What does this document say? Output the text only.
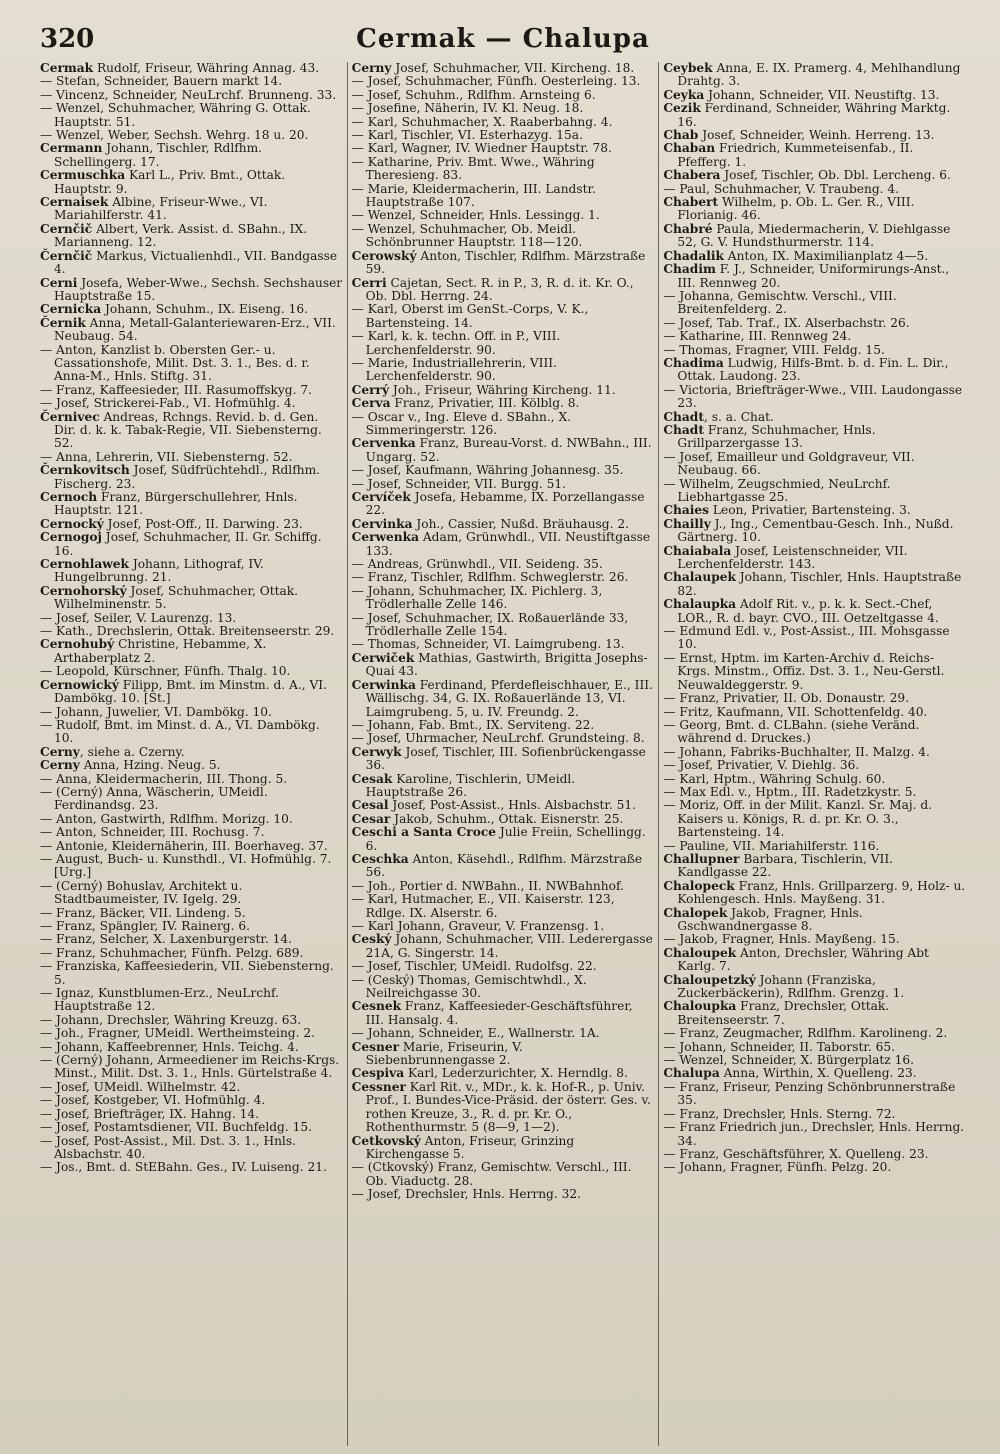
320	Cermak — Chalupa

Cermak Rudolf, Friseur, Währing Annag. 43.

— Stefan, Schneider, Bauern markt 14.

— Vincenz, Schneider, NeuLrchf. Brunneng. 33.

— Wenzel, Schuhmacher, Währing G. Ottak. Hauptstr. 51.

— Wenzel, Weber, Sechsh. Wehrg. 18 u. 20.

Cermann Johann, Tischler, Rdlfhm. Schellingerg. 17.

Cermuschka Karl L., Priv. Bmt., Ottak. Hauptstr. 9.

Cernaisek Albine, Friseur-Wwe., VI. Mariahilferstr. 41.

Cernčič Albert, Verk. Assist. d. SBahn., IX. Marianneng. 12.

Černčič Markus, Victualienhdl., VII. Bandgasse 4.

Cerni Josefa, Weber-Wwe., Sechsh. Sechshauser Hauptstraße 15.

Cernicka Johann, Schuhm., IX. Eiseng. 16.

Černik Anna, Metall-Galanteriewaren-Erz., VII. Neubaug. 54.

— Anton, Kanzlist b. Obersten Ger.- u. Cassationshofe, Milit. Dst. 3. 1., Bes. d. r. Anna-M., Hnls. Stiftg. 31.

— Franz, Kaffeesieder, III. Rasumoffskyg. 7.

— Josef, Strickerei-Fab., VI. Hofmühlg. 4.

Černivec Andreas, Rchngs. Revid. b. d. Gen. Dir. d. k. k. Tabak-Regie, VII. Siebensterng. 52.

— Anna, Lehrerin, VII. Siebensterng. 52.

Černkovitsch Josef, Südfrüchtehdl., Rdlfhm. Fischerg. 23.

Cernoch Franz, Bürgerschullehrer, Hnls. Hauptstr. 121.

Cernocký Josef, Post-Off., II. Darwing. 23.

Cernogoj Josef, Schuhmacher, II. Gr. Schiffg. 16.

Cernohlawek Johann, Lithograf, IV. Hungelbrunng. 21.

Cernohorský Josef, Schuhmacher, Ottak. Wilhelminenstr. 5.

— Josef, Seiler, V. Laurenzg. 13.

— Kath., Drechslerin, Ottak. Breitenseerstr. 29.

Cernohubý Christine, Hebamme, X. Arthaberplatz 2.

— Leopold, Kürschner, Fünfh. Thalg. 10.

Cernowický Filipp, Bmt. im Minstm. d. A., VI. Dambökg. 10. [St.]

— Johann, Juwelier, VI. Dambökg. 10.

— Rudolf, Bmt. im Minst. d. A., VI. Dambökg. 10.

Cerny, siehe a. Czerny.

Cerny Anna, Hzing. Neug. 5.

— Anna, Kleidermacherin, III. Thong. 5.

— (Cerný) Anna, Wäscherin, UMeidl. Ferdinandsg. 23.

— Anton, Gastwirth, Rdlfhm. Morizg. 10.

— Anton, Schneider, III. Rochusg. 7.

— Antonie, Kleidernäherin, III. Boerhaveg. 37.

— August, Buch- u. Kunsthdl., VI. Hofmühlg. 7. [Urg.]

— (Cerný) Bohuslav, Architekt u. Stadtbaumeister, IV. Igelg. 29.

— Franz, Bäcker, VII. Lindeng. 5.

— Franz, Spängler, IV. Rainerg. 6.

— Franz, Selcher, X. Laxenburgerstr. 14.

— Franz, Schuhmacher, Fünfh. Pelzg. 689.

— Franziska, Kaffeesiederin, VII. Siebensterng. 5.

— Ignaz, Kunstblumen-Erz., NeuLrchf. Hauptstraße 12.

— Johann, Drechsler, Währing Kreuzg. 63.

— Joh., Fragner, UMeidl. Wertheimsteing. 2.

— Johann, Kaffeebrenner, Hnls. Teichg. 4.

— (Cerný) Johann, Armeediener im Reichs-Krgs. Minst., Milit. Dst. 3. 1., Hnls. Gürtelstraße 4.

— Josef, UMeidl. Wilhelmstr. 42.

— Josef, Kostgeber, VI. Hofmühlg. 4.

— Josef, Briefträger, IX. Hahng. 14.

— Josef, Postamtsdiener, VII. Buchfeldg. 15.

— Josef, Post-Assist., Mil. Dst. 3. 1., Hnls. Alsbachstr. 40.

— Jos., Bmt. d. StEBahn. Ges., IV. Luiseng. 21.

Cerny Josef, Schuhmacher, VII. Kircheng. 18.

— Josef, Schuhmacher, Fünfh. Oesterleing. 13.

— Josef, Schuhm., Rdlfhm. Arnsteing 6.

— Josefine, Näherin, IV. Kl. Neug. 18.

— Karl, Schuhmacher, X. Raaberbahng. 4.

— Karl, Tischler, VI. Esterhazyg. 15a.

— Karl, Wagner, IV. Wiedner Hauptstr. 78.

— Katharine, Priv. Bmt. Wwe., Währing Theresieng. 83.

— Marie, Kleidermacherin, III. Landstr. Hauptstraße 107.

— Wenzel, Schneider, Hnls. Lessingg. 1.

— Wenzel, Schuhmacher, Ob. Meidl. Schönbrunner Hauptstr. 118—120.

Cerowský Anton, Tischler, Rdlfhm. Märzstraße 59.

Cerri Cajetan, Sect. R. in P., 3, R. d. it. Kr. O., Ob. Dbl. Herrng. 24.

— Karl, Oberst im GenSt.-Corps, V. K., Bartensteing. 14.

— Karl, k. k. techn. Off. in P., VIII. Lerchenfelderstr. 90.

— Marie, Industriallehrerin, VIII. Lerchenfelderstr. 90.

Cerrý Joh., Friseur, Währing Kircheng. 11.

Cerva Franz, Privatier, III. Kölblg. 8.

— Oscar v., Ing. Eleve d. SBahn., X. Simmeringerstr. 126.

Cervenka Franz, Bureau-Vorst. d. NWBahn., III. Ungarg. 52.

— Josef, Kaufmann, Währing Johannesg. 35.

— Josef, Schneider, VII. Burgg. 51.

Cervíček Josefa, Hebamme, IX. Porzellangasse 22.

Cervinka Joh., Cassier, Nußd. Bräuhausg. 2.

Cerwenka Adam, Grünwhdl., VII. Neustiftgasse 133.

— Andreas, Grünwhdl., VII. Seideng. 35.

— Franz, Tischler, Rdlfhm. Schweglerstr. 26.

— Johann, Schuhmacher, IX. Pichlerg. 3, Trödlerhalle Zelle 146.

— Josef, Schuhmacher, IX. Roßauerlände 33, Trödlerhalle Zelle 154.

— Thomas, Schneider, VI. Laimgrubeng. 13.

Cerwiček Mathias, Gastwirth, Brigitta Josephs-Quai 43.

Cerwinka Ferdinand, Pferdefleischhauer, E., III. Wällischg. 34, G. IX. Roßauerlände 13, VI. Laimgrubeng. 5, u. IV. Freundg. 2.

— Johann, Fab. Bmt., IX. Serviteng. 22.

— Josef, Uhrmacher, NeuLrchf. Grundsteing. 8.

Cerwyk Josef, Tischler, III. Sofienbrückengasse 36.

Cesak Karoline, Tischlerin, UMeidl. Hauptstraße 26.

Cesal Josef, Post-Assist., Hnls. Alsbachstr. 51.

Cesar Jakob, Schuhm., Ottak. Eisnerstr. 25.

Ceschi a Santa Croce Julie Freiin, Schellingg. 6.

Ceschka Anton, Käsehdl., Rdlfhm. Märzstraße 56.

— Joh., Portier d. NWBahn., II. NWBahnhof.

— Karl, Hutmacher, E., VII. Kaiserstr. 123, Rdlge. IX. Alserstr. 6.

— Karl Johann, Graveur, V. Franzensg. 1.

Ceský Johann, Schuhmacher, VIII. Lederergasse 21A, G. Singerstr. 14.

— Josef, Tischler, UMeidl. Rudolfsg. 22.

— (Ceský) Thomas, Gemischtwhdl., X. Neilreichgasse 30.

Cesnek Franz, Kaffeesieder-Geschäftsführer, III. Hansalg. 4.

— Johann, Schneider, E., Wallnerstr. 1A.

Cesner Marie, Friseurin, V. Siebenbrunnengasse 2.

Cespiva Karl, Lederzurichter, X. Herndlg. 8.

Cessner Karl Rit. v., MDr., k. k. Hof-R., p. Univ. Prof., I. Bundes-Vice-Präsid. der österr. Ges. v. rothen Kreuze, 3., R. d. pr. Kr. O., Rothenthurmstr. 5 (8—9, 1—2).

Cetkovský Anton, Friseur, Grinzing Kirchengasse 5.

— (Ctkovský) Franz, Gemischtw. Verschl., III. Ob. Viaductg. 28.

— Josef, Drechsler, Hnls. Herrng. 32.

Ceybek Anna, E. IX. Pramerg. 4, Mehlhandlung Drahtg. 3.

Ceyka Johann, Schneider, VII. Neustiftg. 13.

Cezik Ferdinand, Schneider, Währing Marktg. 16.

Chab Josef, Schneider, Weinh. Herreng. 13.

Chaban Friedrich, Kummeteisenfab., II. Pfefferg. 1.

Chabera Josef, Tischler, Ob. Dbl. Lercheng. 6.

— Paul, Schuhmacher, V. Traubeng. 4.

Chabert Wilhelm, p. Ob. L. Ger. R., VIII. Florianig. 46.

Chabré Paula, Miedermacherin, V. Diehlgasse 52, G. V. Hundsthurmerstr. 114.

Chadalik Anton, IX. Maximilianplatz 4—5.

Chadim F. J., Schneider, Uniformirungs-Anst., III. Rennweg 20.

— Johanna, Gemischtw. Verschl., VIII. Breitenfelderg. 2.

— Josef, Tab. Traf., IX. Alserbachstr. 26.

— Katharine, III. Rennweg 24.

— Thomas, Fragner, VIII. Feldg. 15.

Chadima Ludwig, Hilfs-Bmt. b. d. Fin. L. Dir., Ottak. Laudong. 23.

— Victoria, Briefträger-Wwe., VIII. Laudongasse 23.

Chadt, s. a. Chat.

Chadt Franz, Schuhmacher, Hnls. Grillparzergasse 13.

— Josef, Emailleur und Goldgraveur, VII. Neubaug. 66.

— Wilhelm, Zeugschmied, NeuLrchf. Liebhartgasse 25.

Chaies Leon, Privatier, Bartensteing. 3.

Chailly J., Ing., Cementbau-Gesch. Inh., Nußd. Gärtnerg. 10.

Chaiabala Josef, Leistenschneider, VII. Lerchenfelderstr. 143.

Chalaupek Johann, Tischler, Hnls. Hauptstraße 82.

Chalaupka Adolf Rit. v., p. k. k. Sect.-Chef, LOR., R. d. bayr. CVO., III. Oetzeltgasse 4.

— Edmund Edl. v., Post-Assist., III. Mohsgasse 10.

— Ernst, Hptm. im Karten-Archiv d. Reichs-Krgs. Minstm., Offiz. Dst. 3. 1., Neu-Gerstl. Neuwaldeggerstr. 9.

— Franz, Privatier, II. Ob. Donaustr. 29.

— Fritz, Kaufmann, VII. Schottenfeldg. 40.

— Georg, Bmt. d. CLBahn. (siehe Veränd. während d. Druckes.)

— Johann, Fabriks-Buchhalter, II. Malzg. 4.

— Josef, Privatier, V. Diehlg. 36.

— Karl, Hptm., Währing Schulg. 60.

— Max Edl. v., Hptm., III. Radetzkystr. 5.

— Moriz, Off. in der Milit. Kanzl. Sr. Maj. d. Kaisers u. Königs, R. d. pr. Kr. O. 3., Bartensteing. 14.

— Pauline, VII. Mariahilferstr. 116.

Challupner Barbara, Tischlerin, VII. Kandlgasse 22.

Chalopeck Franz, Hnls. Grillparzerg. 9, Holz- u. Kohlengesch. Hnls. Mayßeng. 31.

Chalopek Jakob, Fragner, Hnls. Gschwandnergasse 8.

— Jakob, Fragner, Hnls. Mayßeng. 15.

Chaloupek Anton, Drechsler, Währing Abt Karlg. 7.

Chaloupetzký Johann (Franziska, Zuckerbäckerin), Rdlfhm. Grenzg. 1.

Chaloupka Franz, Drechsler, Ottak. Breitenseerstr. 7.

— Franz, Zeugmacher, Rdlfhm. Karolineng. 2.

— Johann, Schneider, II. Taborstr. 65.

— Wenzel, Schneider, X. Bürgerplatz 16.

Chalupa Anna, Wirthin, X. Quelleng. 23.

— Franz, Friseur, Penzing Schönbrunnerstraße 35.

— Franz, Drechsler, Hnls. Sterng. 72.

— Franz Friedrich jun., Drechsler, Hnls. Herrng. 34.

— Franz, Geschäftsführer, X. Quelleng. 23.

— Johann, Fragner, Fünfh. Pelzg. 20.
